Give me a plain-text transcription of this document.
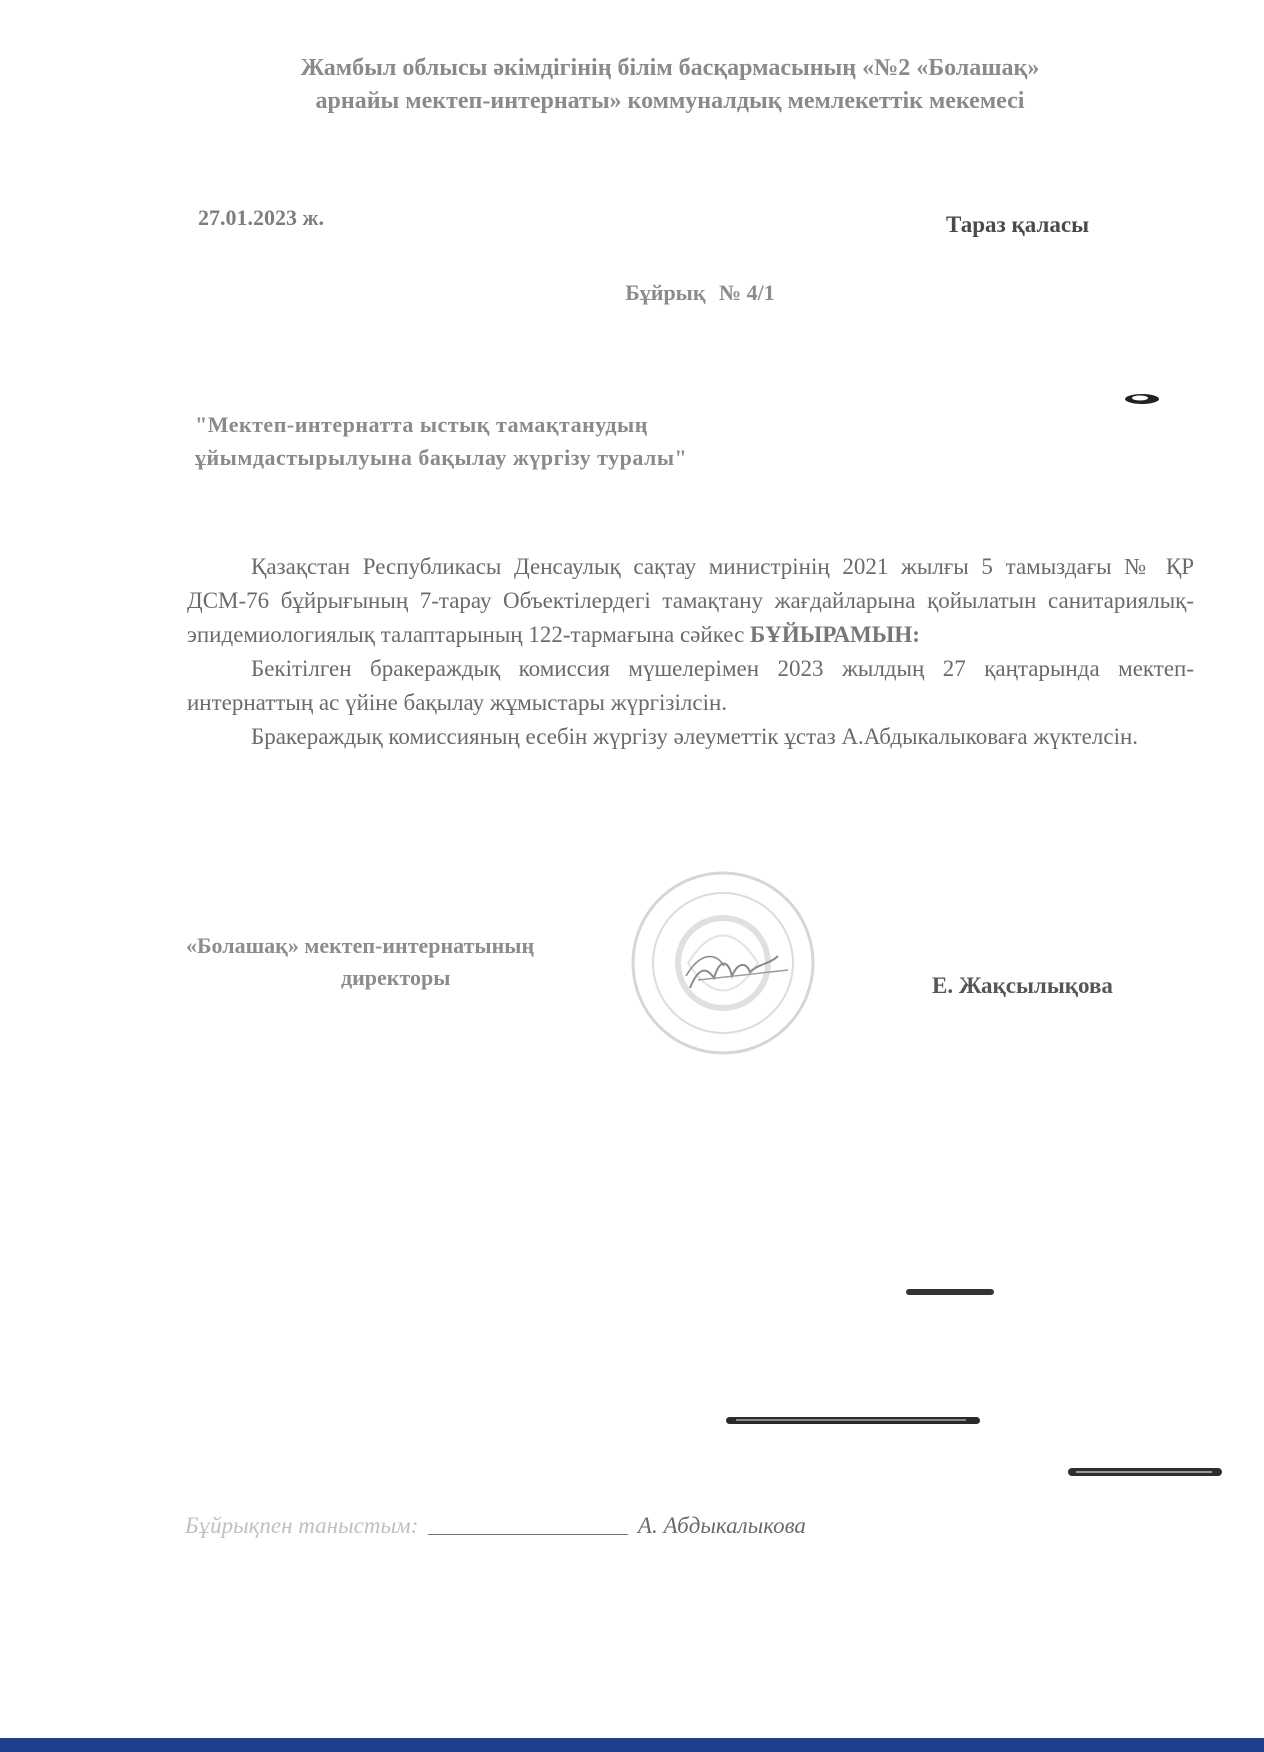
Жамбыл облысы әкімдігінің білім басқармасының «№2 «Болашақ»
арнайы мектеп-интернаты» коммуналдық мемлекеттік мекемесі
27.01.2023 ж.	Тараз қаласы
Бұйрық № 4/1
"Мектеп-интернатта ыстық тамақтанудың
ұйымдастырылуына бақылау жүргізу туралы"

Қазақстан Республикасы Денсаулық сақтау министрінің 2021 жылғы 5 тамыздағы № ҚР ДСМ-76 бұйрығының 7-тарау Объектілердегі тамақтану жағдайларына қойылатын санитариялық-эпидемиологиялық талаптарының 122-тармағына сәйкес БҰЙЫРАМЫН:

Бекітілген бракераждық комиссия мүшелерімен 2023 жылдың 27 қаңтарында мектеп-интернаттың ас үйіне бақылау жұмыстары жүргізілсін.

Бракераждық комиссияның есебін жүргізу әлеуметтік ұстаз А.Абдыкалыковаға жүктелсін.

«Болашақ» мектеп-интернатының
директоры	Е. Жақсылықова
Бұйрықпен таныстым:	А. Абдыкалыкова
